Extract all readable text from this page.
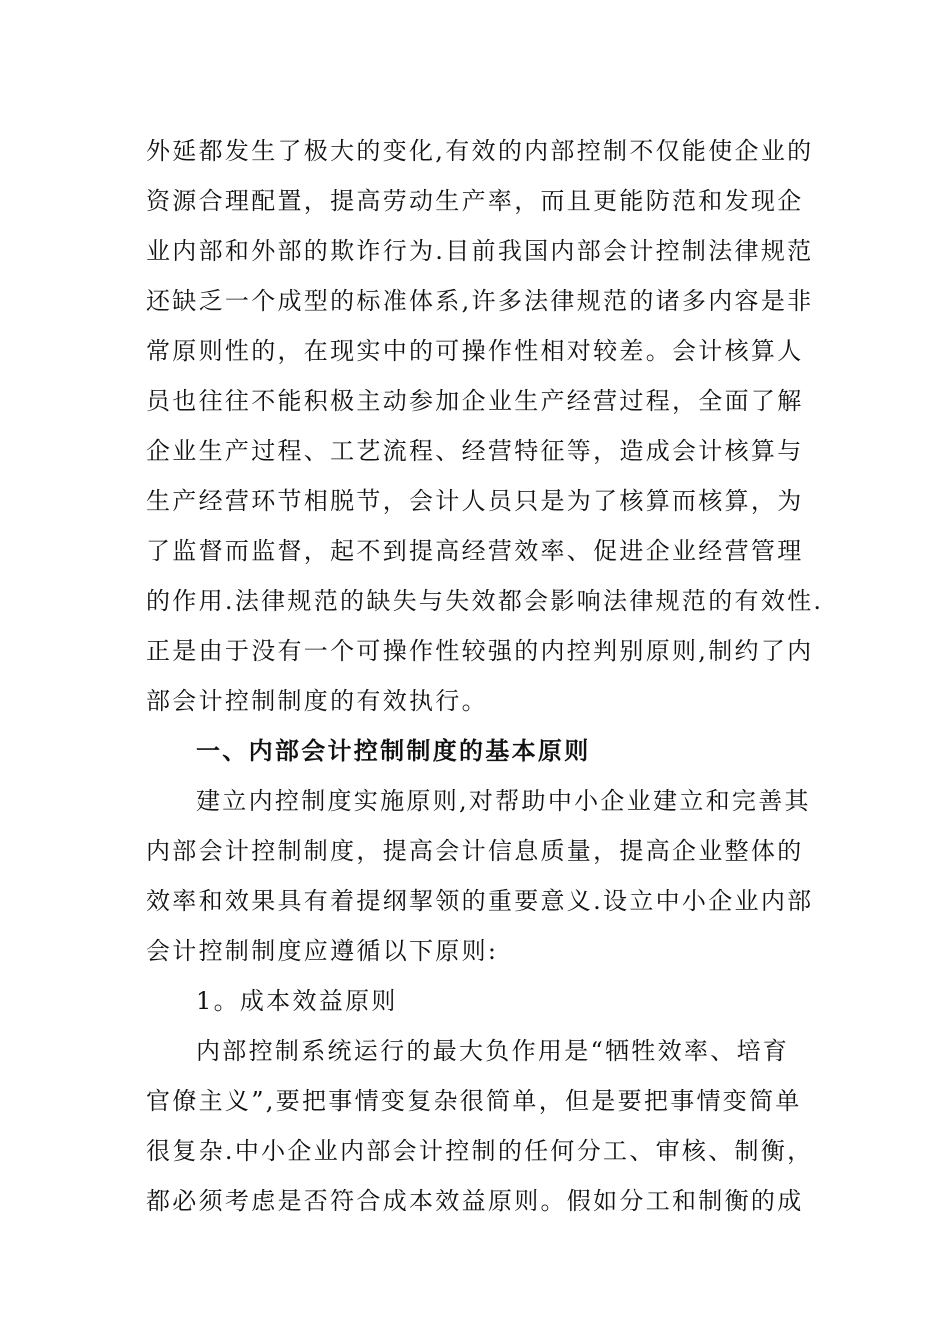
外延都发生了极大的变化,有效的内部控制不仅能使企业的
资源合理配置，提高劳动生产率，而且更能防范和发现企
业内部和外部的欺诈行为.目前我国内部会计控制法律规范
还缺乏一个成型的标准体系,许多法律规范的诸多内容是非
常原则性的，在现实中的可操作性相对较差。会计核算人
员也往往不能积极主动参加企业生产经营过程，全面了解
企业生产过程、工艺流程、经营特征等，造成会计核算与
生产经营环节相脱节，会计人员只是为了核算而核算，为
了监督而监督，起不到提高经营效率、促进企业经营管理
的作用.法律规范的缺失与失效都会影响法律规范的有效性.
正是由于没有一个可操作性较强的内控判别原则,制约了内
部会计控制制度的有效执行。
一、内部会计控制制度的基本原则
建立内控制度实施原则,对帮助中小企业建立和完善其
内部会计控制制度，提高会计信息质量，提高企业整体的
效率和效果具有着提纲挈领的重要意义.设立中小企业内部
会计控制制度应遵循以下原则:
1。成本效益原则
内部控制系统运行的最大负作用是“牺牲效率、培育
官僚主义”,要把事情变复杂很简单，但是要把事情变简单
很复杂.中小企业内部会计控制的任何分工、审核、制衡，
都必须考虑是否符合成本效益原则。假如分工和制衡的成
